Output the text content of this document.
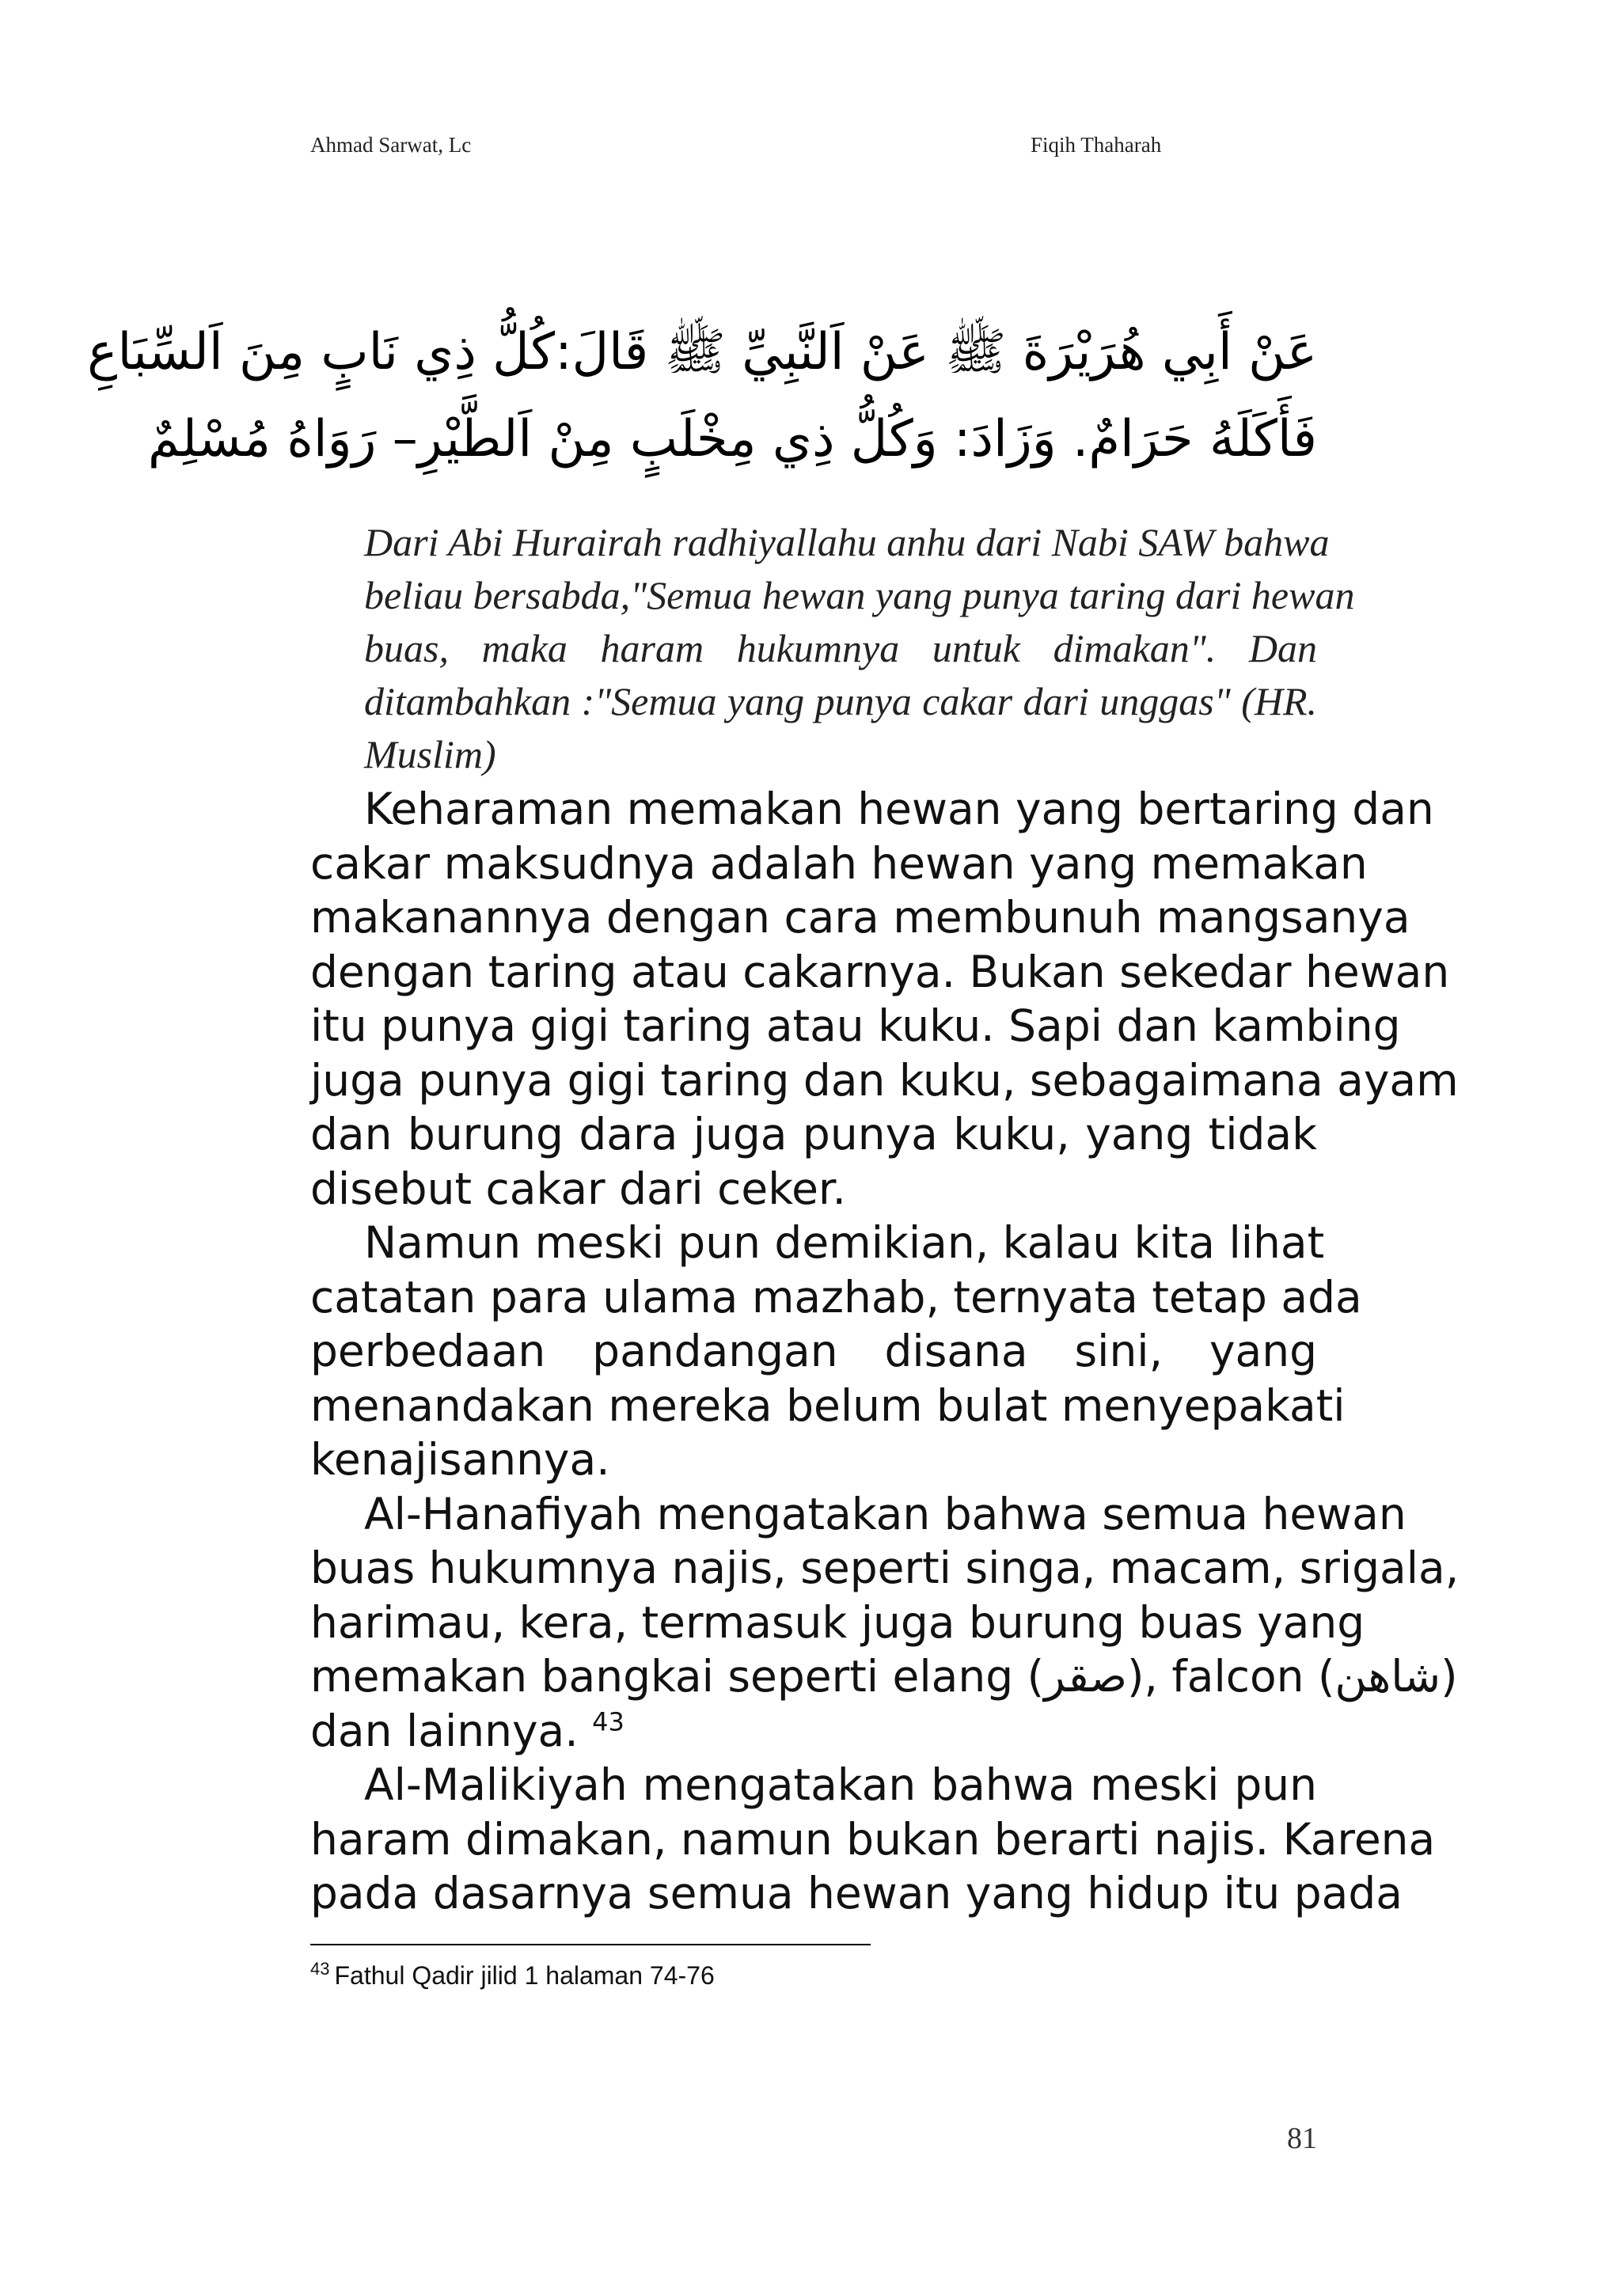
Ahmad Sarwat, Lc	Fiqih Thaharah
عَنْ أَبِي هُرَيْرَةَ ﷺ عَنْ اَلنَّبِيِّ ﷺ قَالَ:كُلُّ ذِي نَابٍ مِنَ اَلسِّبَاعِ
فَأَكَلَهُ حَرَامٌ. وَزَادَ: وَكُلُّ ذِي مِخْلَبٍ مِنْ اَلطَّيْرِ– رَوَاهُ مُسْلِمٌ
Dari Abi Hurairah radhiyallahu anhu dari Nabi SAW bahwa
beliau bersabda,"Semua hewan yang punya taring dari hewan
buas, maka haram hukumnya untuk dimakan". Dan
ditambahkan :"Semua yang punya cakar dari unggas" (HR.
Muslim)
Keharaman memakan hewan yang bertaring dan
cakar maksudnya adalah hewan yang memakan
makanannya dengan cara membunuh mangsanya
dengan taring atau cakarnya. Bukan sekedar hewan
itu punya gigi taring atau kuku. Sapi dan kambing
juga punya gigi taring dan kuku, sebagaimana ayam
dan burung dara juga punya kuku, yang tidak
disebut cakar dari ceker.
Namun meski pun demikian, kalau kita lihat
catatan para ulama mazhab, ternyata tetap ada
perbedaan pandangan disana sini, yang
menandakan mereka belum bulat menyepakati
kenajisannya.
Al-Hanafiyah mengatakan bahwa semua hewan
buas hukumnya najis, seperti singa, macam, srigala,
harimau, kera, termasuk juga burung buas yang
memakan bangkai seperti elang (صقر), falcon (شاهن)
dan lainnya. $^{43}$
Al-Malikiyah mengatakan bahwa meski pun
haram dimakan, namun bukan berarti najis. Karena
pada dasarnya semua hewan yang hidup itu pada
$^{43}$ Fathul Qadir jilid 1 halaman 74-76
81
